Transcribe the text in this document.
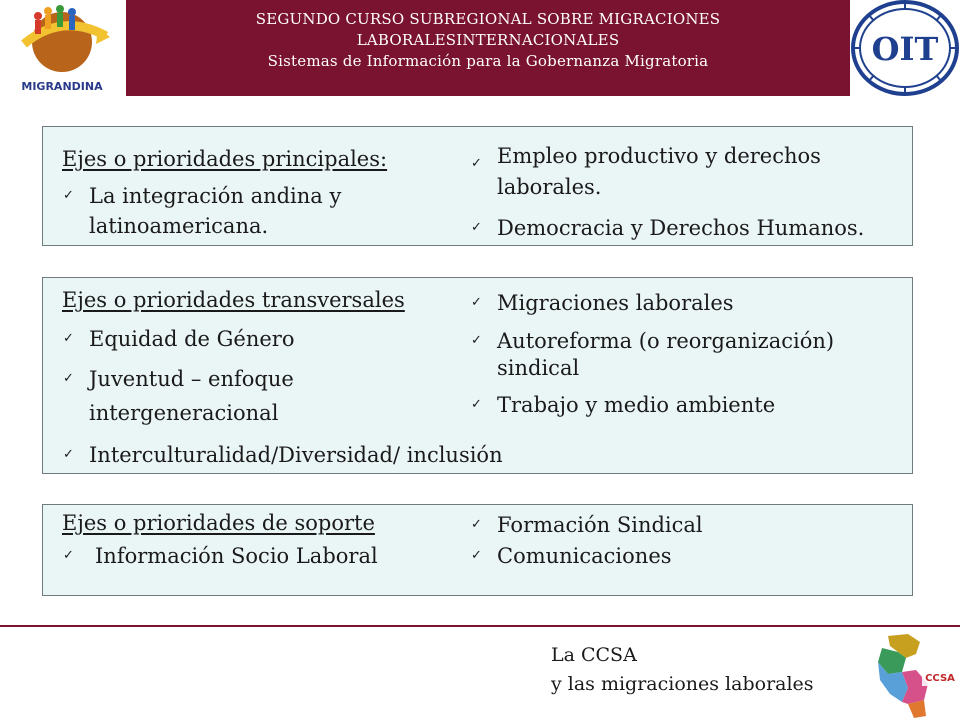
MIGRANDINA
SEGUNDO CURSO SUBREGIONAL SOBRE MIGRACIONES
LABORALESINTERNACIONALES
Sistemas de Información para la Gobernanza Migratoria	OIT
Ejes o prioridades principales:
✓ La integración andina y
latinoamericana.
✓ Empleo productivo y derechos
laborales.
✓ Democracia y Derechos Humanos.
Ejes o prioridades transversales
✓ Equidad de Género
✓ Juventud – enfoque
intergeneracional
✓ Interculturalidad/Diversidad/ inclusión
✓ Migraciones laborales
✓ Autoreforma (o reorganización)
sindical
✓ Trabajo y medio ambiente
Ejes o prioridades de soporte
✓ Información Socio Laboral
✓ Formación Sindical
✓ Comunicaciones
La CCSA
y las migraciones laborales	CCSA
